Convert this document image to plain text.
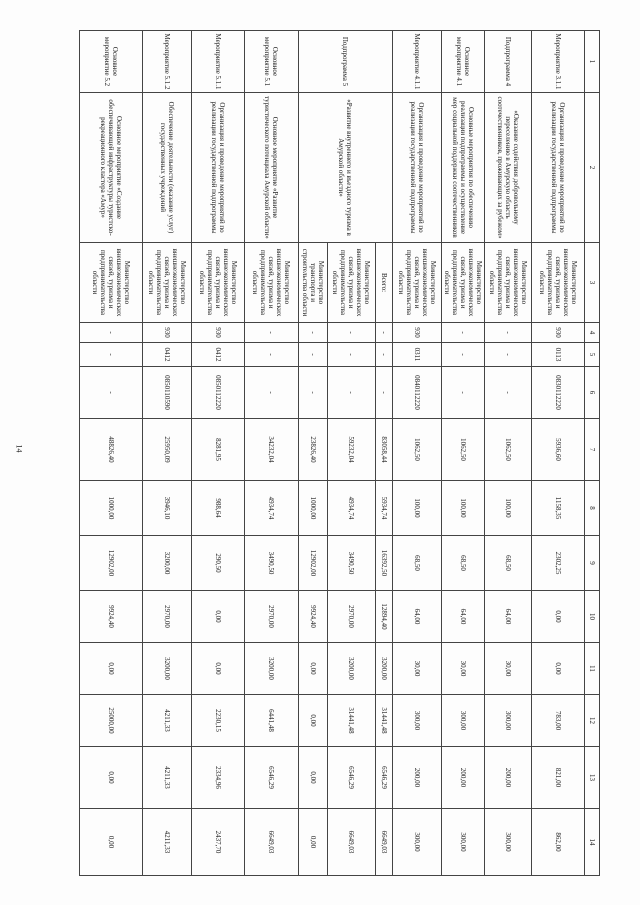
14
1	2	3	4	5	6	7	8	9	10	11	12	13	14
Мероприятие 3.1.1	Организация и проведение мероприятий по реализации государственной подпрограммы	Министерство внешнеэкономических связей, туризма и предпринимательства области	930	0113	0830112220	5936,60	1158,35	2302,25	0,00	0,00	783,00	821,00	862,00
Подпрограмма 4	«Оказание содействия добровольному переселению в Амурскую область соотечественников, проживающих за рубежом»	Министерство внешнеэкономических связей, туризма и предпринимательства области	-	-	-	1062,50	100,00	68,50	64,00	30,00	300,00	200,00	300,00
Основное мероприятие 4.1	Основные мероприятия по обеспечению реализации подпрограммы и осуществление мер социальной поддержки соотечественников	Министерство внешнеэкономических связей, туризма и предпринимательства области	-	-	-	1062,50	100,00	68,50	64,00	30,00	300,00	200,00	300,00
Мероприятие 4.1.1	Организация и проведение мероприятий по реализации государственной подпрограммы	Министерство внешнеэкономических связей, туризма и предпринимательства области	930	0311	0840112220	1062,50	100,00	68,50	64,00	30,00	300,00	200,00	300,00
Подпрограмма 5	«Развитие внутреннего и въездного туризма в Амурской области»	Всего:	-	-	-	83058,44	5934,74	16392,50	12894,40	3200,00	31441,48	6546,29	6649,03
		Министерство внешнеэкономических связей, туризма и предпринимательства области	-	-	-	59232,04	4934,74	3490,50	2970,00	3200,00	31441,48	6546,29	6649,03
		Министерство транспорта и строительства области	-	-	-	23826,40	1000,00	12902,00	9924,40	0,00	0,00	0,00	0,00
Основное мероприятие 5.1	Основное мероприятие «Развитие туристического потенциала Амурской области»	Министерство внешнеэкономических связей, туризма и предпринимательства области	-	-	-	34232,04	4934,74	3490,50	2970,00	3200,00	6441,48	6546,29	6649,03
Мероприятие 5.1.1	Организация и проведение мероприятий по реализации государственной подпрограммы	Министерство внешнеэкономических связей, туризма и предпринимательства области	930	0412	0850112220	8281,95	988,64	290,50	0,00	0,00	2230,15	2334,96	2437,70
Мероприятие 5.1.2	Обеспечение деятельности (оказание услуг) государственных учреждений	Министерство внешнеэкономических связей, туризма и предпринимательства области	930	0412	0850110590	25950,09	3946,10	3200,00	2970,00	3200,00	4211,33	4211,33	4211,33
Основное мероприятие 5.2	Основное мероприятие «Создание обеспечивающей инфраструктуры туристско-рекреационного кластера «Амур»	Министерство внешнеэкономических связей, туризма и предпринимательства области	-	-	-	48826,40	1000,00	12902,00	9924,40	0,00	25000,00	0,00	0,00
